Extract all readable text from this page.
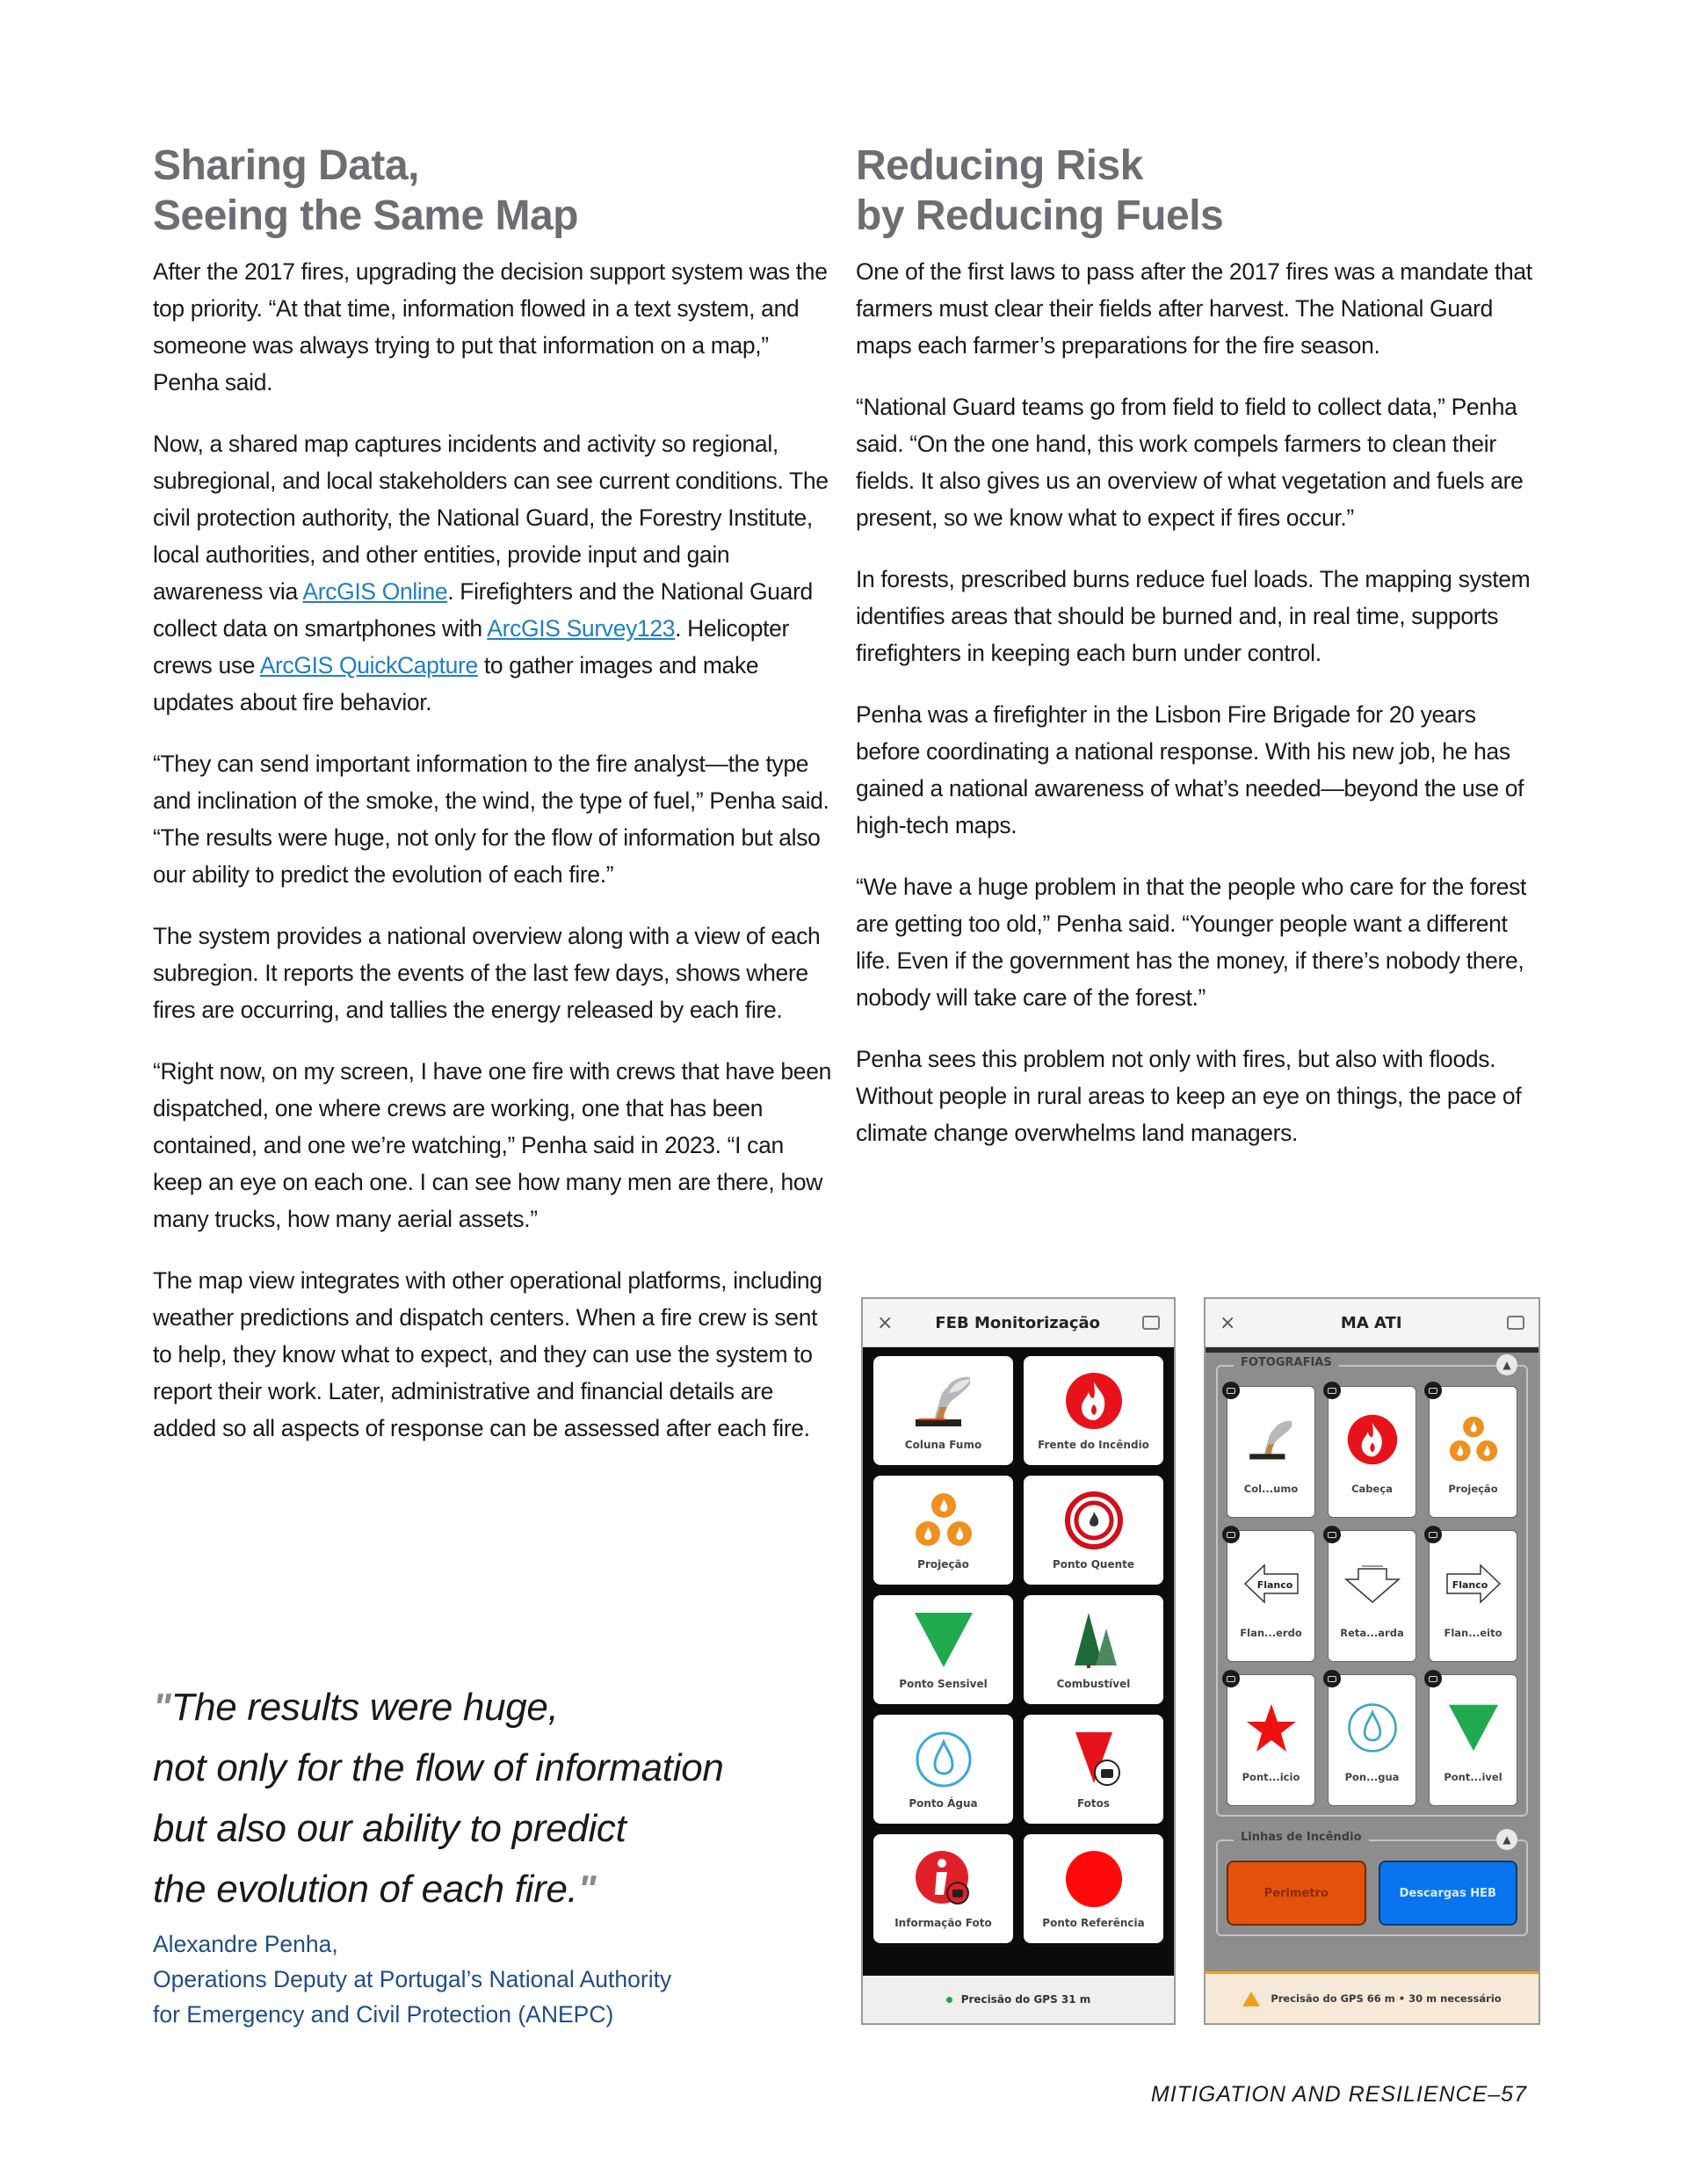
Sharing Data,
Seeing the Same Map

After the 2017 fires, upgrading the decision support system was the top priority. “At that time, information flowed in a text system, and someone was always trying to put that information on a map,” Penha said.

Now, a shared map captures incidents and activity so regional, subregional, and local stakeholders can see current conditions. The civil protection authority, the National Guard, the Forestry Institute, local authorities, and other entities, provide input and gain awareness via ArcGIS Online. Firefighters and the National Guard collect data on smartphones with ArcGIS Survey123. Helicopter crews use ArcGIS QuickCapture to gather images and make updates about fire behavior.

“They can send important information to the fire analyst—the type and inclination of the smoke, the wind, the type of fuel,” Penha said. “The results were huge, not only for the flow of information but also our ability to predict the evolution of each fire.”

The system provides a national overview along with a view of each subregion. It reports the events of the last few days, shows where fires are occurring, and tallies the energy released by each fire.

“Right now, on my screen, I have one fire with crews that have been dispatched, one where crews are working, one that has been contained, and one we’re watching,” Penha said in 2023. “I can keep an eye on each one. I can see how many men are there, how many trucks, how many aerial assets.”

The map view integrates with other operational platforms, including weather predictions and dispatch centers. When a fire crew is sent to help, they know what to expect, and they can use the system to report their work. Later, administrative and financial details are added so all aspects of response can be assessed after each fire.

Reducing Risk
by Reducing Fuels

One of the first laws to pass after the 2017 fires was a mandate that farmers must clear their fields after harvest. The National Guard maps each farmer’s preparations for the fire season.

“National Guard teams go from field to field to collect data,” Penha said. “On the one hand, this work compels farmers to clean their fields. It also gives us an overview of what vegetation and fuels are present, so we know what to expect if fires occur.”

In forests, prescribed burns reduce fuel loads. The mapping system identifies areas that should be burned and, in real time, supports firefighters in keeping each burn under control.

Penha was a firefighter in the Lisbon Fire Brigade for 20 years before coordinating a national response. With his new job, he has gained a national awareness of what’s needed—beyond the use of high-tech maps.

“We have a huge problem in that the people who care for the forest are getting too old,” Penha said. “Younger people want a different life. Even if the government has the money, if there’s nobody there, nobody will take care of the forest.”

Penha sees this problem not only with fires, but also with floods. Without people in rural areas to keep an eye on things, the pace of climate change overwhelms land managers.

"The results were huge,
not only for the flow of information
but also our ability to predict
the evolution of each fire."
Alexandre Penha,
Operations Deputy at Portugal’s National Authority
for Emergency and Civil Protection (ANEPC)
×	FEB Monitorização
Coluna Fumo	Frente do Incêndio
Projeção	Ponto Quente
Ponto Sensivel	Combustível
Ponto Água	Fotos
Informação Foto	Ponto Referência
Precisão do GPS 31 m
×	MA ATI
FOTOGRAFIAS	▲
Col...umo	Cabeça	Projeção
Flanco
Flan...erdo	Reta...arda
Flanco
Flan...eito
Pont...icio	Pon...gua	Pont...ivel
Linhas de Incêndio	▲
Perimetro	Descargas HEB
Precisão do GPS 66 m • 30 m necessário
MITIGATION AND RESILIENCE–57
